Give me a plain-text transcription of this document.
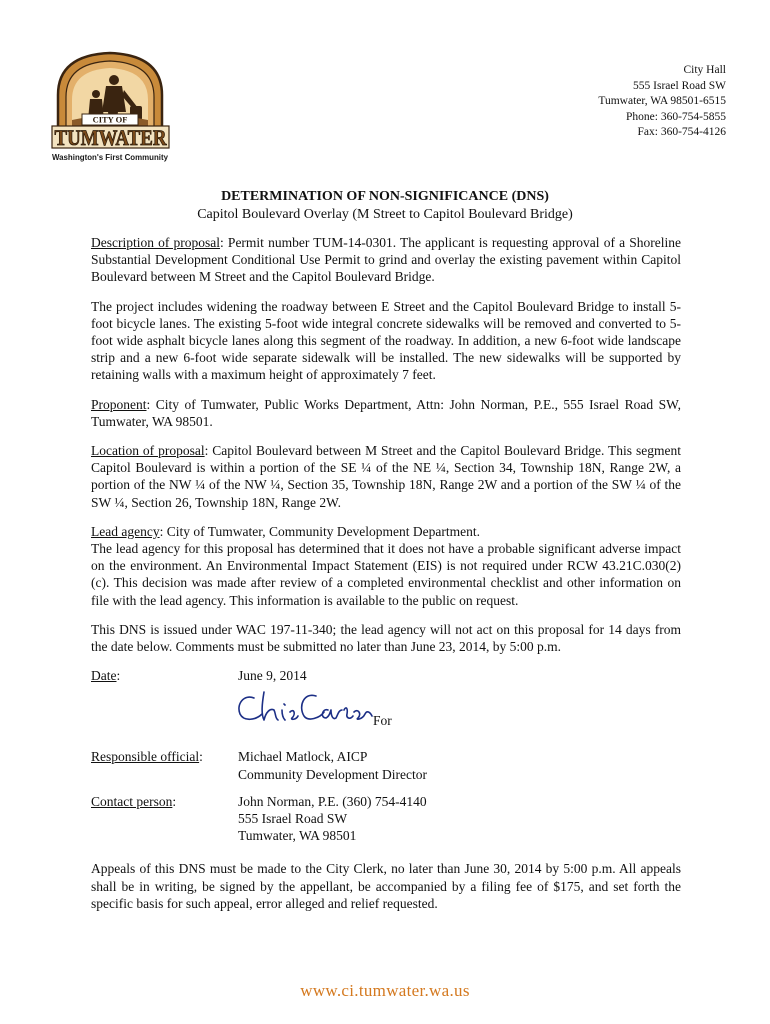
CITY OF
TUMWATER
Washington's First Community
City Hall
555 Israel Road SW
Tumwater, WA 98501-6515
Phone: 360-754-5855
Fax: 360-754-4126
DETERMINATION OF NON-SIGNIFICANCE (DNS)
Capitol Boulevard Overlay (M Street to Capitol Boulevard Bridge)

Description of proposal: Permit number TUM-14-0301. The applicant is requesting approval of a Shoreline Substantial Development Conditional Use Permit to grind and overlay the existing pavement within Capitol Boulevard between M Street and the Capitol Boulevard Bridge.

The project includes widening the roadway between E Street and the Capitol Boulevard Bridge to install 5-foot bicycle lanes. The existing 5-foot wide integral concrete sidewalks will be removed and converted to 5-foot wide asphalt bicycle lanes along this segment of the roadway. In addition, a new 6-foot wide landscape strip and a new 6-foot wide separate sidewalk will be installed. The new sidewalks will be supported by retaining walls with a maximum height of approximately 7 feet.

Proponent: City of Tumwater, Public Works Department, Attn: John Norman, P.E., 555 Israel Road SW, Tumwater, WA 98501.

Location of proposal: Capitol Boulevard between M Street and the Capitol Boulevard Bridge. This segment Capitol Boulevard is within a portion of the SE ¼ of the NE ¼, Section 34, Township 18N, Range 2W, a portion of the NW ¼ of the NW ¼, Section 35, Township 18N, Range 2W and a portion of the SW ¼ of the SW ¼, Section 26, Township 18N, Range 2W.

Lead agency: City of Tumwater, Community Development Department.
The lead agency for this proposal has determined that it does not have a probable significant adverse impact on the environment. An Environmental Impact Statement (EIS) is not required under RCW 43.21C.030(2)(c). This decision was made after review of a completed environmental checklist and other information on file with the lead agency. This information is available to the public on request.

This DNS is issued under WAC 197-11-340; the lead agency will not act on this proposal for 14 days from the date below. Comments must be submitted no later than June 23, 2014, by 5:00 p.m.

Date:	June 9, 2014
For
Responsible official:	Michael Matlock, AICP
Community Development Director
Contact person:	John Norman, P.E. (360) 754-4140
555 Israel Road SW
Tumwater, WA 98501

Appeals of this DNS must be made to the City Clerk, no later than June 30, 2014 by 5:00 p.m. All appeals shall be in writing, be signed by the appellant, be accompanied by a filing fee of $175, and set forth the specific basis for such appeal, error alleged and relief requested.

www.ci.tumwater.wa.us
